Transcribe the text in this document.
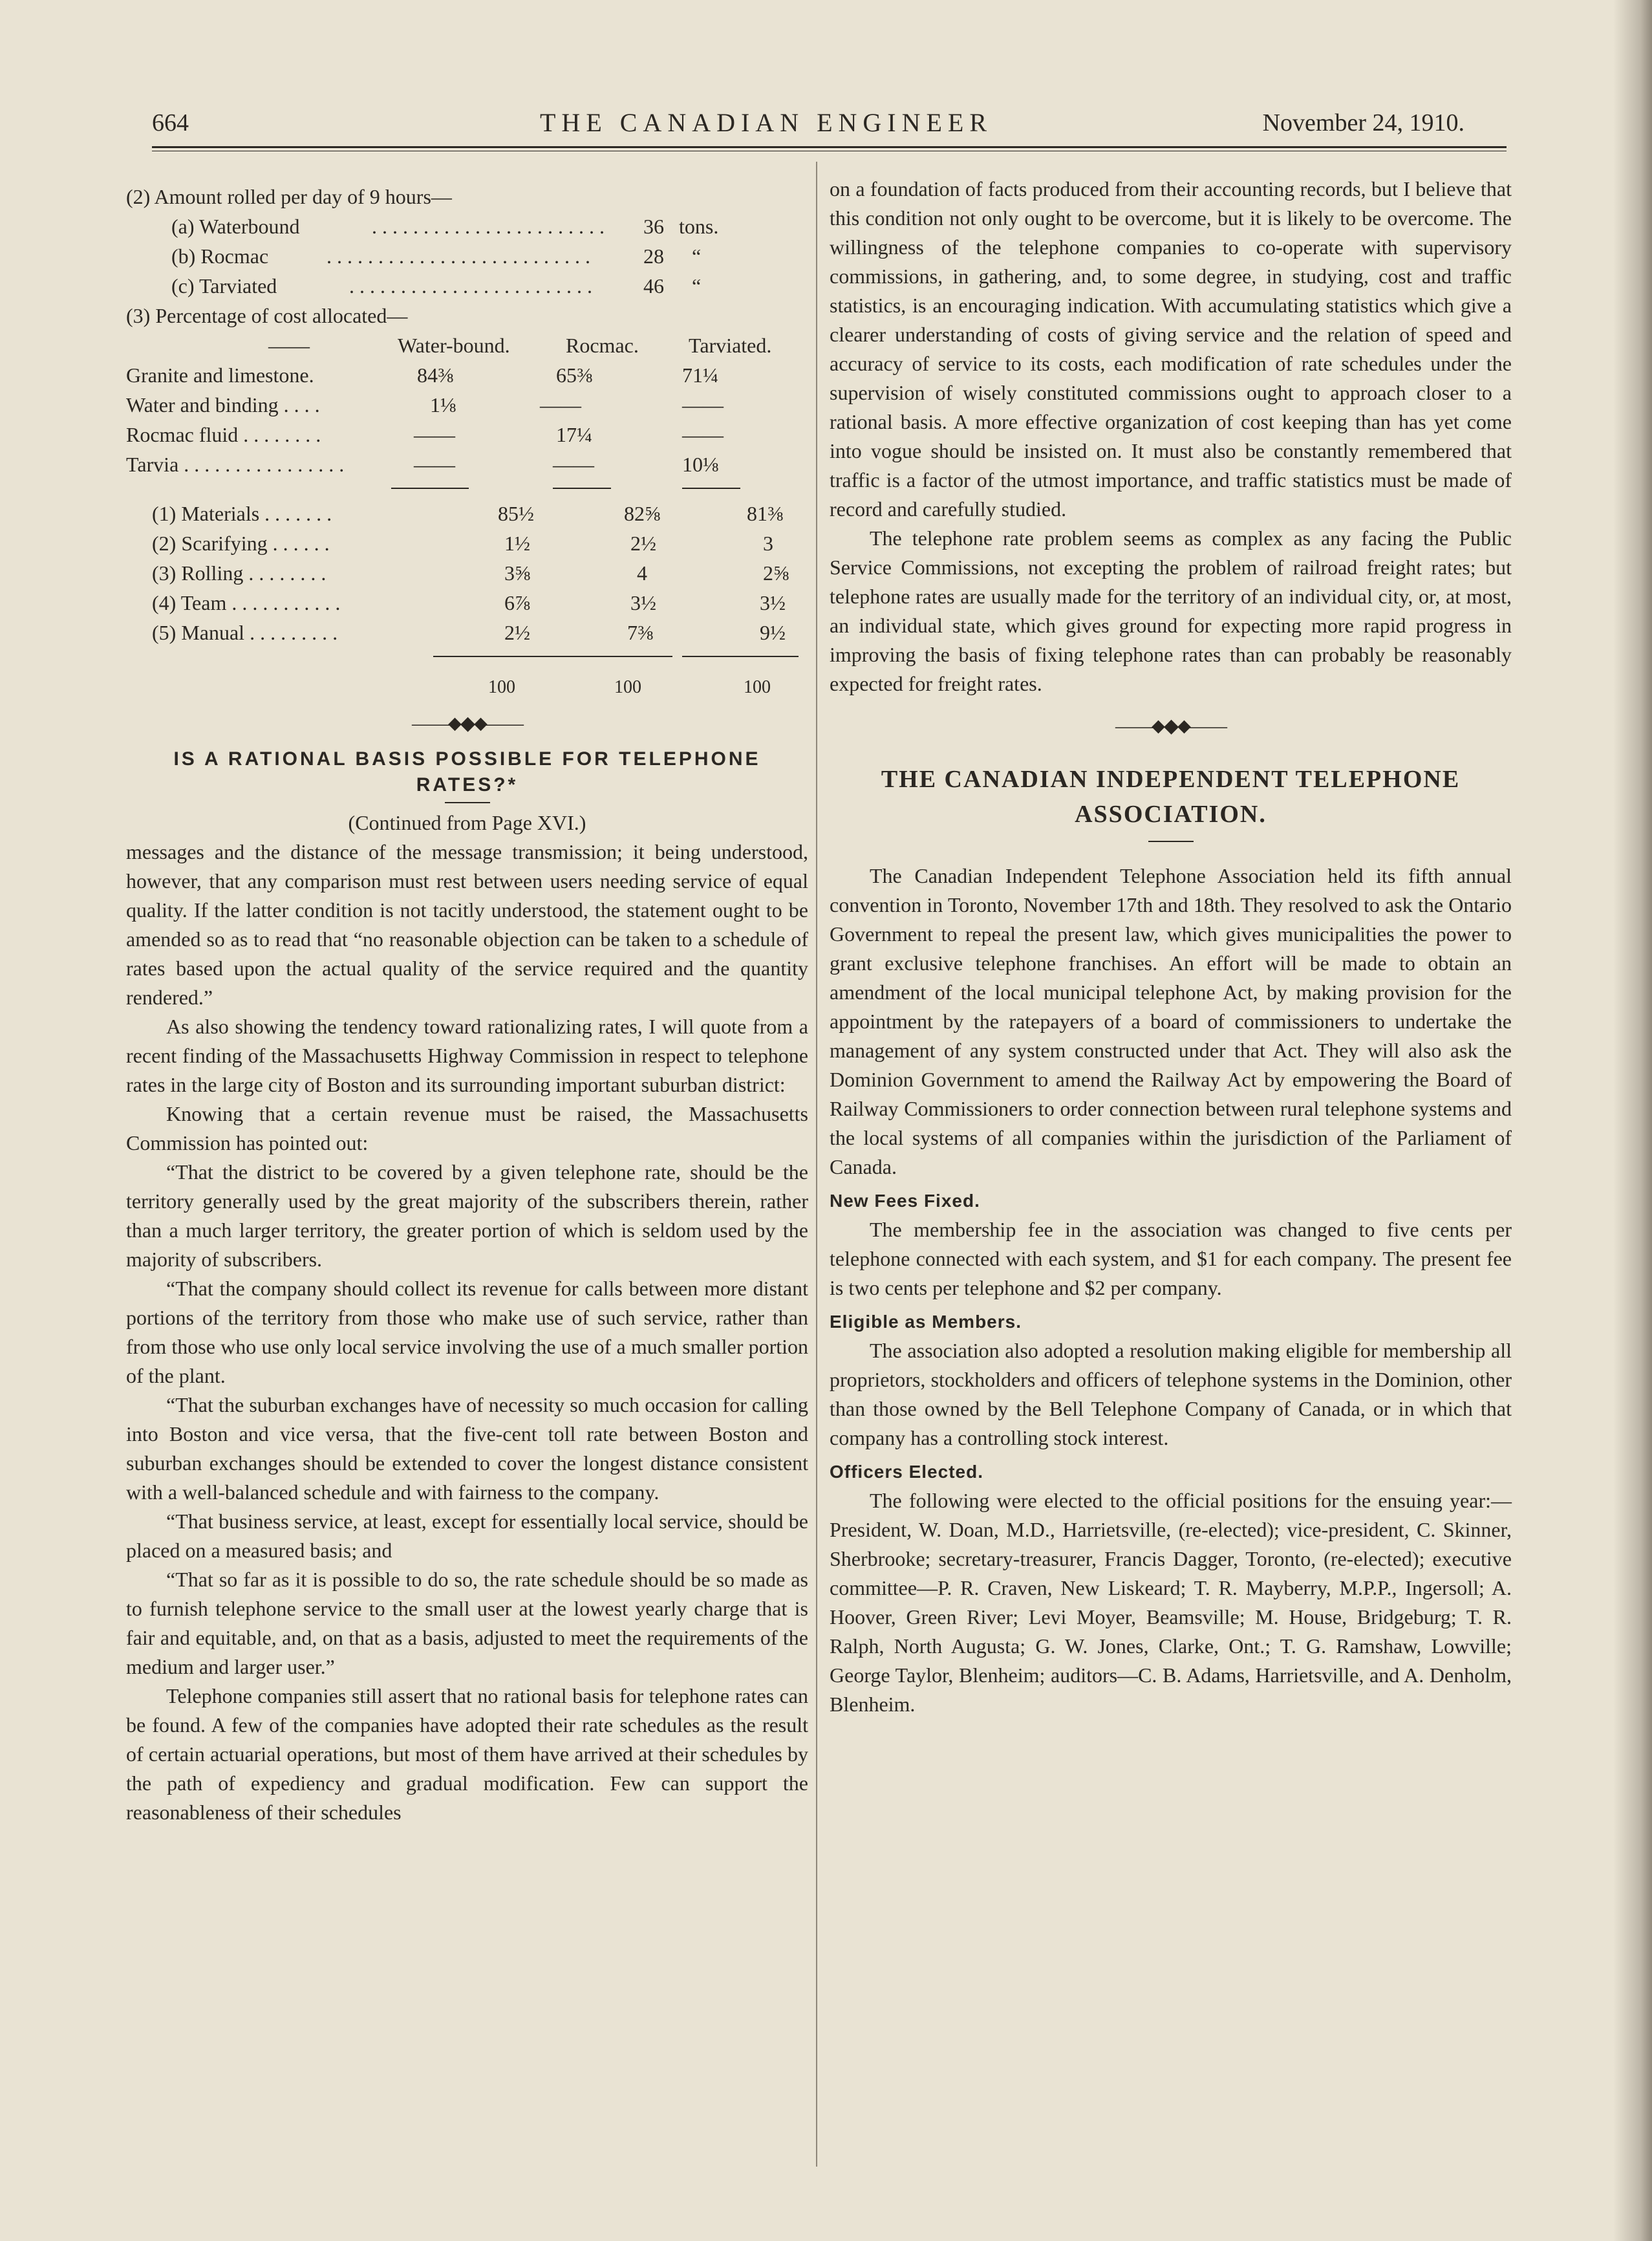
664	THE CANADIAN ENGINEER	November 24, 1910.
(2) Amount rolled per day of 9 hours—
(a) Waterbound	. . . . . . . . . . . . . . . . . . . . . . . 36 tons.
(b) Rocmac	. . . . . . . . . . . . . . . . . . . . . . . . . .	28 “
(c) Tarviated	. . . . . . . . . . . . . . . . . . . . . . . . 46 “
(3) Percentage of cost allocated—
——	Water-bound.	Rocmac. Tarviated.
Granite and limestone.	84⅜	65⅜	71¼
Water and binding . . . .	1⅛	——	——
Rocmac fluid . . . . . . . .	——	17¼	——
Tarvia . . . . . . . . . . . . . . . .	——	——	10⅛
(1) Materials . . . . . . .	85½	82⅝	81⅜
(2) Scarifying . . . . . .	1½	2½	3
(3) Rolling . . . . . . . .	3⅝	4	2⅝
(4) Team . . . . . . . . . . .	6⅞	3½	3½
(5) Manual . . . . . . . . .	2½	7⅜	9½
100	100	100
——⬥◆⬥——
IS A RATIONAL BASIS POSSIBLE FOR TELEPHONE RATES?*
(Continued from Page XVI.)

messages and the distance of the message transmission; it being understood, however, that any comparison must rest between users needing service of equal quality. If the latter condition is not tacitly understood, the statement ought to be amended so as to read that “no reasonable objection can be taken to a schedule of rates based upon the actual quality of the service required and the quantity rendered.”

As also showing the tendency toward rationalizing rates, I will quote from a recent finding of the Massachusetts Highway Commission in respect to telephone rates in the large city of Boston and its surrounding important suburban district:

Knowing that a certain revenue must be raised, the Massachusetts Commission has pointed out:

“That the district to be covered by a given telephone rate, should be the territory generally used by the great majority of the subscribers therein, rather than a much larger territory, the greater portion of which is seldom used by the majority of subscribers.

“That the company should collect its revenue for calls between more distant portions of the territory from those who make use of such service, rather than from those who use only local service involving the use of a much smaller portion of the plant.

“That the suburban exchanges have of necessity so much occasion for calling into Boston and vice versa, that the five-cent toll rate between Boston and suburban exchanges should be extended to cover the longest distance consistent with a well-balanced schedule and with fairness to the company.

“That business service, at least, except for essentially local service, should be placed on a measured basis; and

“That so far as it is possible to do so, the rate schedule should be so made as to furnish telephone service to the small user at the lowest yearly charge that is fair and equitable, and, on that as a basis, adjusted to meet the requirements of the medium and larger user.”

Telephone companies still assert that no rational basis for telephone rates can be found. A few of the companies have adopted their rate schedules as the result of certain actuarial operations, but most of them have arrived at their schedules by the path of expediency and gradual modification. Few can support the reasonableness of their schedules

on a foundation of facts produced from their accounting records, but I believe that this condition not only ought to be overcome, but it is likely to be overcome. The willingness of the telephone companies to co-operate with supervisory commissions, in gathering, and, to some degree, in studying, cost and traffic statistics, is an encouraging indication. With accumulating statistics which give a clearer understanding of costs of giving service and the relation of speed and accuracy of service to its costs, each modification of rate schedules under the supervision of wisely constituted commissions ought to approach closer to a rational basis. A more effective organization of cost keeping than has yet come into vogue should be insisted on. It must also be constantly remembered that traffic is a factor of the utmost importance, and traffic statistics must be made of record and carefully studied.

The telephone rate problem seems as complex as any facing the Public Service Commissions, not excepting the problem of railroad freight rates; but telephone rates are usually made for the territory of an individual city, or, at most, an individual state, which gives ground for expecting more rapid progress in improving the basis of fixing telephone rates than can probably be reasonably expected for freight rates.

——⬥◆⬥——
THE CANADIAN INDEPENDENT TELEPHONE ASSOCIATION.

The Canadian Independent Telephone Association held its fifth annual convention in Toronto, November 17th and 18th. They resolved to ask the Ontario Government to repeal the present law, which gives municipalities the power to grant exclusive telephone franchises. An effort will be made to obtain an amendment of the local municipal telephone Act, by making provision for the appointment by the ratepayers of a board of commissioners to undertake the management of any system constructed under that Act. They will also ask the Dominion Government to amend the Railway Act by empowering the Board of Railway Commissioners to order connection between rural telephone systems and the local systems of all companies within the jurisdiction of the Parliament of Canada.

New Fees Fixed.

The membership fee in the association was changed to five cents per telephone connected with each system, and $1 for each company. The present fee is two cents per telephone and $2 per company.

Eligible as Members.

The association also adopted a resolution making eligible for membership all proprietors, stockholders and officers of telephone systems in the Dominion, other than those owned by the Bell Telephone Company of Canada, or in which that company has a controlling stock interest.

Officers Elected.

The following were elected to the official positions for the ensuing year:—President, W. Doan, M.D., Harrietsville, (re-elected); vice-president, C. Skinner, Sherbrooke; secretary-treasurer, Francis Dagger, Toronto, (re-elected); executive committee—P. R. Craven, New Liskeard; T. R. Mayberry, M.P.P., Ingersoll; A. Hoover, Green River; Levi Moyer, Beamsville; M. House, Bridgeburg; T. R. Ralph, North Augusta; G. W. Jones, Clarke, Ont.; T. G. Ramshaw, Lowville; George Taylor, Blenheim; auditors—C. B. Adams, Harrietsville, and A. Denholm, Blenheim.
